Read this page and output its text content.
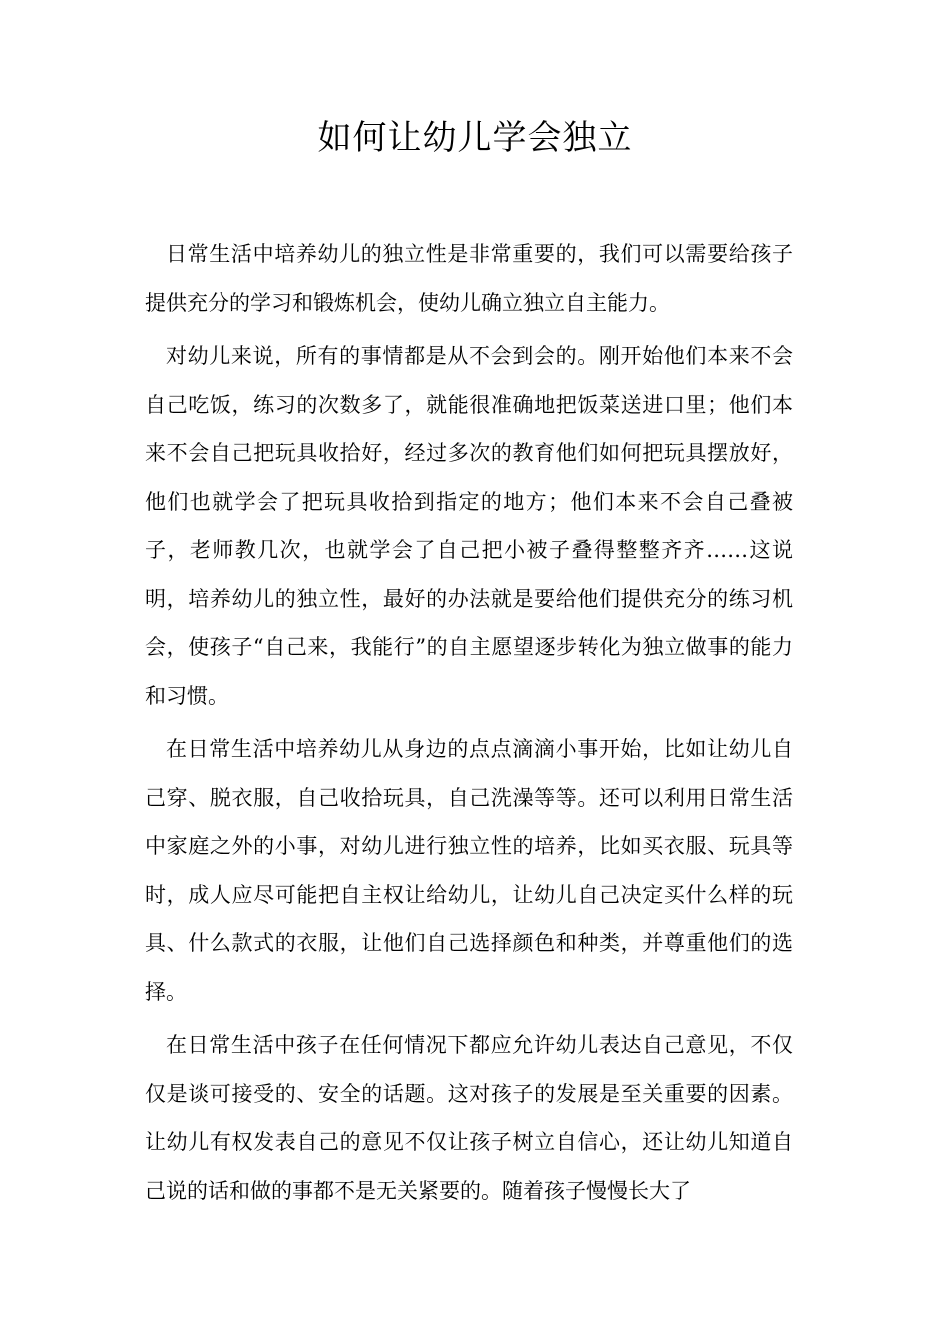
如何让幼儿学会独立

日常生活中培养幼儿的独立性是非常重要的，我们可以需要给孩子提供充分的学习和锻炼机会，使幼儿确立独立自主能力。

对幼儿来说，所有的事情都是从不会到会的。刚开始他们本来不会自己吃饭，练习的次数多了，就能很准确地把饭菜送进口里；他们本来不会自己把玩具收拾好，经过多次的教育他们如何把玩具摆放好，他们也就学会了把玩具收拾到指定的地方；他们本来不会自己叠被子，老师教几次，也就学会了自己把小被子叠得整整齐齐……这说明，培养幼儿的独立性，最好的办法就是要给他们提供充分的练习机会，使孩子“自己来，我能行”的自主愿望逐步转化为独立做事的能力和习惯。

在日常生活中培养幼儿从身边的点点滴滴小事开始，比如让幼儿自己穿、脱衣服，自己收拾玩具，自己洗澡等等。还可以利用日常生活中家庭之外的小事，对幼儿进行独立性的培养，比如买衣服、玩具等时，成人应尽可能把自主权让给幼儿，让幼儿自己决定买什么样的玩具、什么款式的衣服，让他们自己选择颜色和种类，并尊重他们的选择。

在日常生活中孩子在任何情况下都应允许幼儿表达自己意见，不仅仅是谈可接受的、安全的话题。这对孩子的发展是至关重要的因素。让幼儿有权发表自己的意见不仅让孩子树立自信心，还让幼儿知道自己说的话和做的事都不是无关紧要的。随着孩子慢慢长大了
